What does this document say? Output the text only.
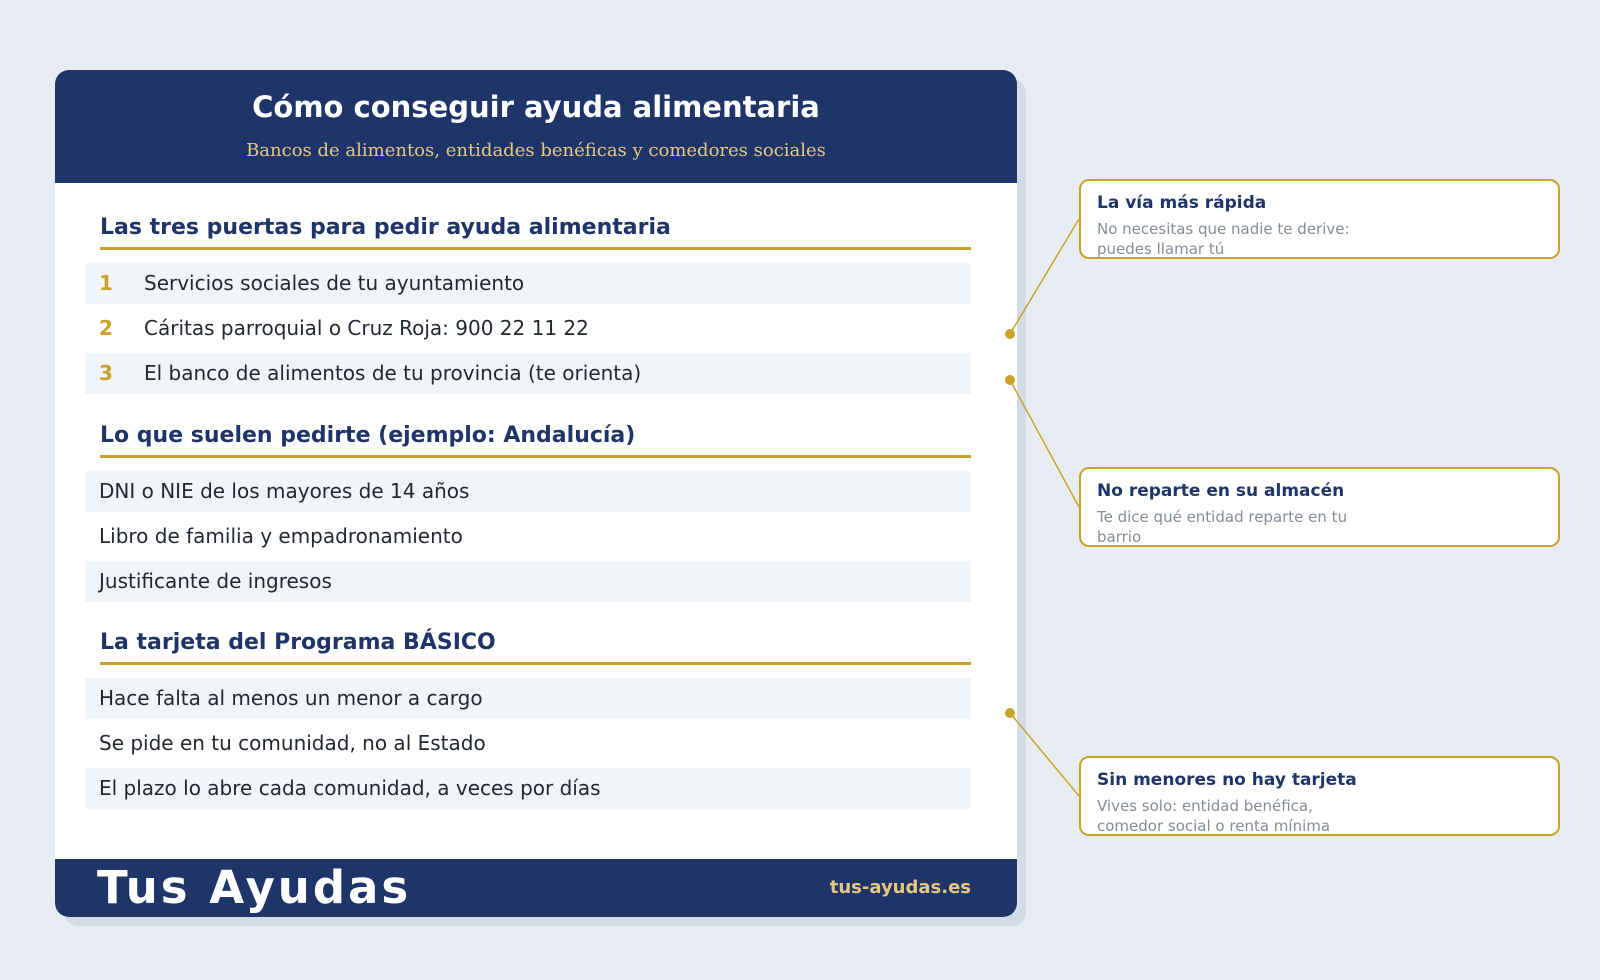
Cómo conseguir ayuda alimentaria
Bancos de alimentos, entidades benéficas y comedores sociales
Las tres puertas para pedir ayuda alimentaria
1 Servicios sociales de tu ayuntamiento
2 Cáritas parroquial o Cruz Roja: 900 22 11 22
3 El banco de alimentos de tu provincia (te orienta)
Lo que suelen pedirte (ejemplo: Andalucía)
DNI o NIE de los mayores de 14 años
Libro de familia y empadronamiento
Justificante de ingresos
La tarjeta del Programa BÁSICO
Hace falta al menos un menor a cargo
Se pide en tu comunidad, no al Estado
El plazo lo abre cada comunidad, a veces por días
Tus Ayudas	tus-ayudas.es
La vía más rápida
No necesitas que nadie te derive:
puedes llamar tú
No reparte en su almacén
Te dice qué entidad reparte en tu
barrio
Sin menores no hay tarjeta
Vives solo: entidad benéfica,
comedor social o renta mínima
